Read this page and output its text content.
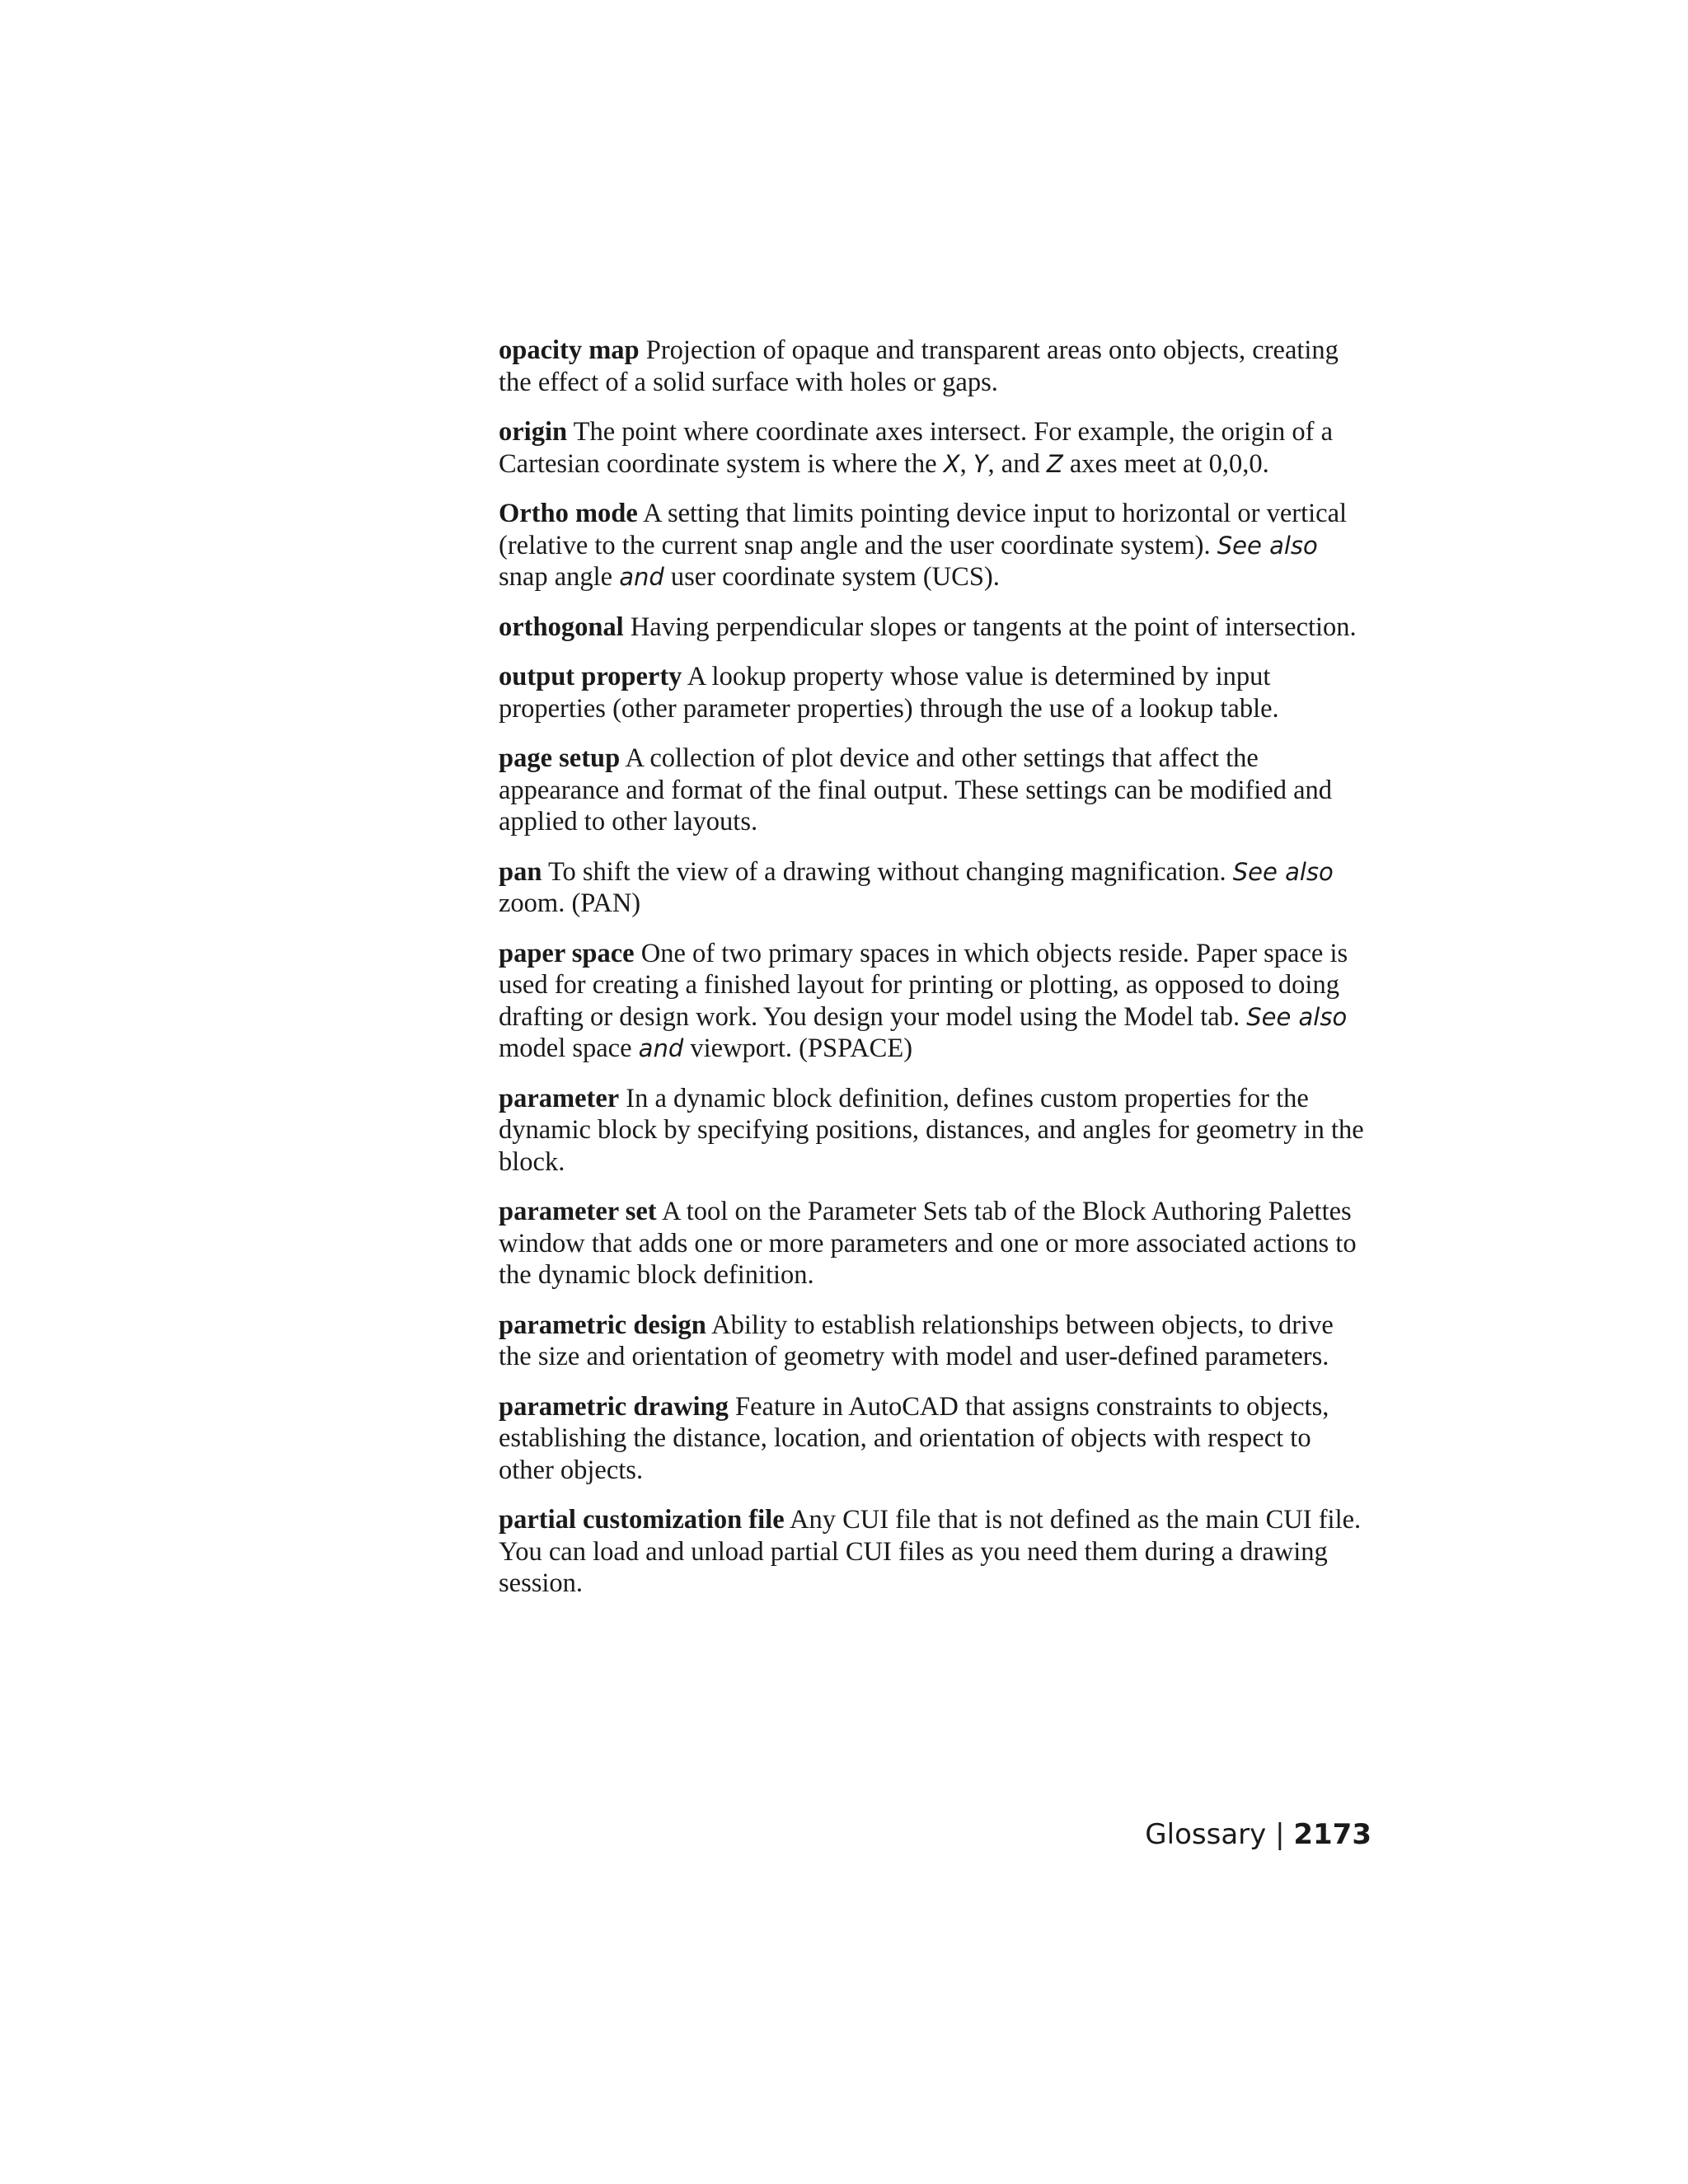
opacity map Projection of opaque and transparent areas onto objects, creating the effect of a solid surface with holes or gaps.

origin The point where coordinate axes intersect. For example, the origin of a Cartesian coordinate system is where the X, Y, and Z axes meet at 0,0,0.

Ortho mode A setting that limits pointing device input to horizontal or vertical (relative to the current snap angle and the user coordinate system). See also snap angle and user coordinate system (UCS).

orthogonal Having perpendicular slopes or tangents at the point of intersection.

output property A lookup property whose value is determined by input properties (other parameter properties) through the use of a lookup table.

page setup A collection of plot device and other settings that affect the appearance and format of the final output. These settings can be modified and applied to other layouts.

pan To shift the view of a drawing without changing magnification. See also zoom. (PAN)

paper space One of two primary spaces in which objects reside. Paper space is used for creating a finished layout for printing or plotting, as opposed to doing drafting or design work. You design your model using the Model tab. See also model space and viewport. (PSPACE)

parameter In a dynamic block definition, defines custom properties for the dynamic block by specifying positions, distances, and angles for geometry in the block.

parameter set A tool on the Parameter Sets tab of the Block Authoring Palettes window that adds one or more parameters and one or more associated actions to the dynamic block definition.

parametric design Ability to establish relationships between objects, to drive the size and orientation of geometry with model and user-defined parameters.

parametric drawing Feature in AutoCAD that assigns constraints to objects, establishing the distance, location, and orientation of objects with respect to other objects.

partial customization file Any CUI file that is not defined as the main CUI file. You can load and unload partial CUI files as you need them during a drawing session.

Glossary | 2173
